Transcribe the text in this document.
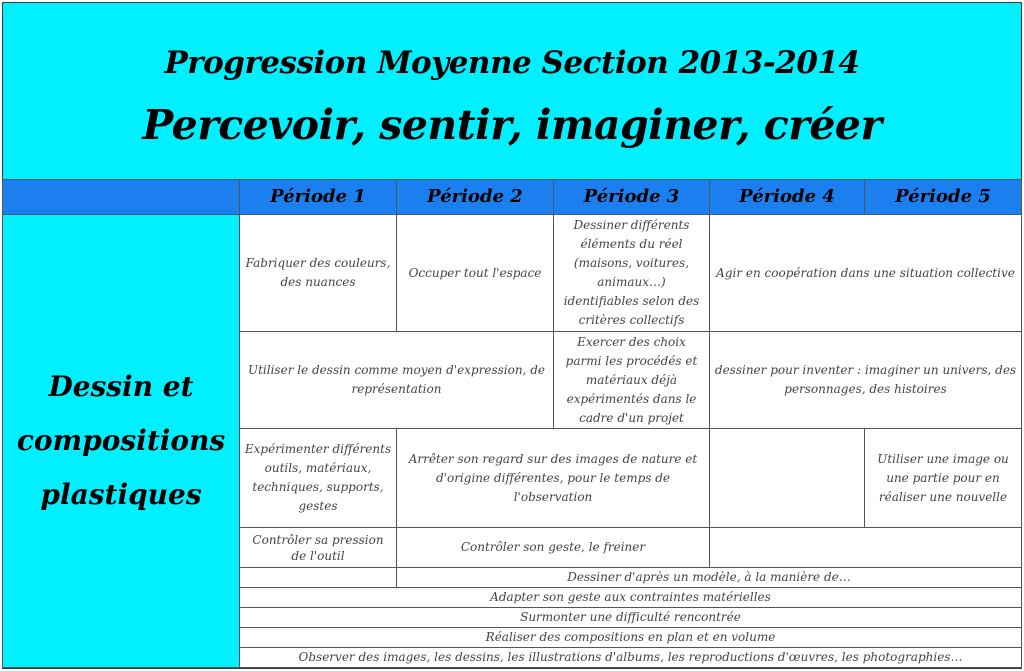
Progression Moyenne Section 2013-2014
Percevoir, sentir, imaginer, créer
	Période 1	Période 2	Période 3	Période 4	Période 5
Dessin et compositions plastiques	Fabriquer des couleurs, des nuances	Occuper tout l'espace	Dessiner différents éléments du réel (maisons, voitures, animaux…) identifiables selon des critères collectifs	Agir en coopération dans une situation collective	
	Utiliser le dessin comme moyen d'expression, de représentation		Exercer des choix parmi les procédés et matériaux déjà expérimentés dans le cadre d'un projet	dessiner pour inventer : imaginer un univers, des personnages, des histoires	
	Expérimenter différents outils, matériaux, techniques, supports, gestes	Arrêter son regard sur des images de nature et d'origine différentes, pour le temps de l'observation			Utiliser une image ou une partie pour en réaliser une nouvelle
	Contrôler sa pression de l'outil	Contrôler son geste, le freiner			
		Dessiner d'après un modèle, à la manière de…			
	Adapter son geste aux contraintes matérielles				
	Surmonter une difficulté rencontrée				
	Réaliser des compositions en plan et en volume				
	Observer des images, les dessins, les illustrations d'albums, les reproductions d'œuvres, les photographies…				
